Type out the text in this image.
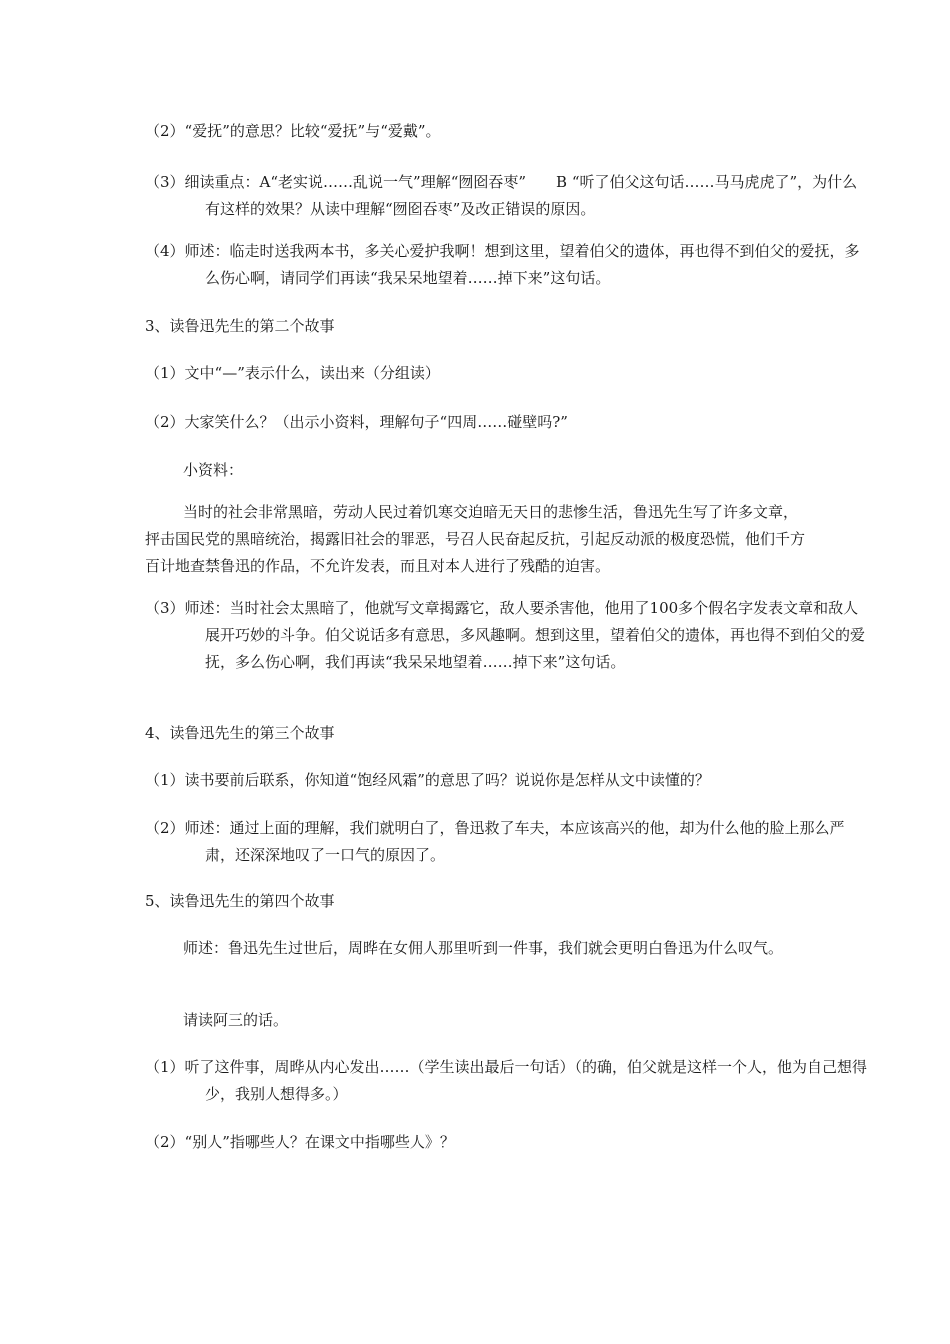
（2）“爱抚”的意思？比较“爱抚”与“爱戴”。

（3）细读重点：A“老实说……乱说一气”理解“囫囵吞枣”　　B “听了伯父这句话……马马虎虎了”，为什么有这样的效果？从读中理解“囫囵吞枣”及改正错误的原因。

（4）师述：临走时送我两本书，多关心爱护我啊！想到这里，望着伯父的遗体，再也得不到伯父的爱抚，多么伤心啊，请同学们再读“我呆呆地望着……掉下来”这句话。

3、读鲁迅先生的第二个故事

（1）文中“—”表示什么，读出来（分组读）

（2）大家笑什么？（出示小资料，理解句子“四周……碰壁吗?”

小资料：

当时的社会非常黑暗，劳动人民过着饥寒交迫暗无天日的悲惨生活，鲁迅先生写了许多文章，抨击国民党的黑暗统治，揭露旧社会的罪恶，号召人民奋起反抗，引起反动派的极度恐慌，他们千方百计地查禁鲁迅的作品，不允许发表，而且对本人进行了残酷的迫害。

（3）师述：当时社会太黑暗了，他就写文章揭露它，敌人要杀害他，他用了100多个假名字发表文章和敌人展开巧妙的斗争。伯父说话多有意思，多风趣啊。想到这里，望着伯父的遗体，再也得不到伯父的爱抚，多么伤心啊，我们再读“我呆呆地望着……掉下来”这句话。

4、读鲁迅先生的第三个故事

（1）读书要前后联系，你知道“饱经风霜”的意思了吗？说说你是怎样从文中读懂的？

（2）师述：通过上面的理解，我们就明白了，鲁迅救了车夫，本应该高兴的他，却为什么他的脸上那么严肃，还深深地叹了一口气的原因了。

5、读鲁迅先生的第四个故事

师述：鲁迅先生过世后，周晔在女佣人那里听到一件事，我们就会更明白鲁迅为什么叹气。

请读阿三的话。

（1）听了这件事，周晔从内心发出……（学生读出最后一句话）（的确，伯父就是这样一个人，他为自己想得少，我别人想得多。）

（2）“别人”指哪些人？在课文中指哪些人》？
